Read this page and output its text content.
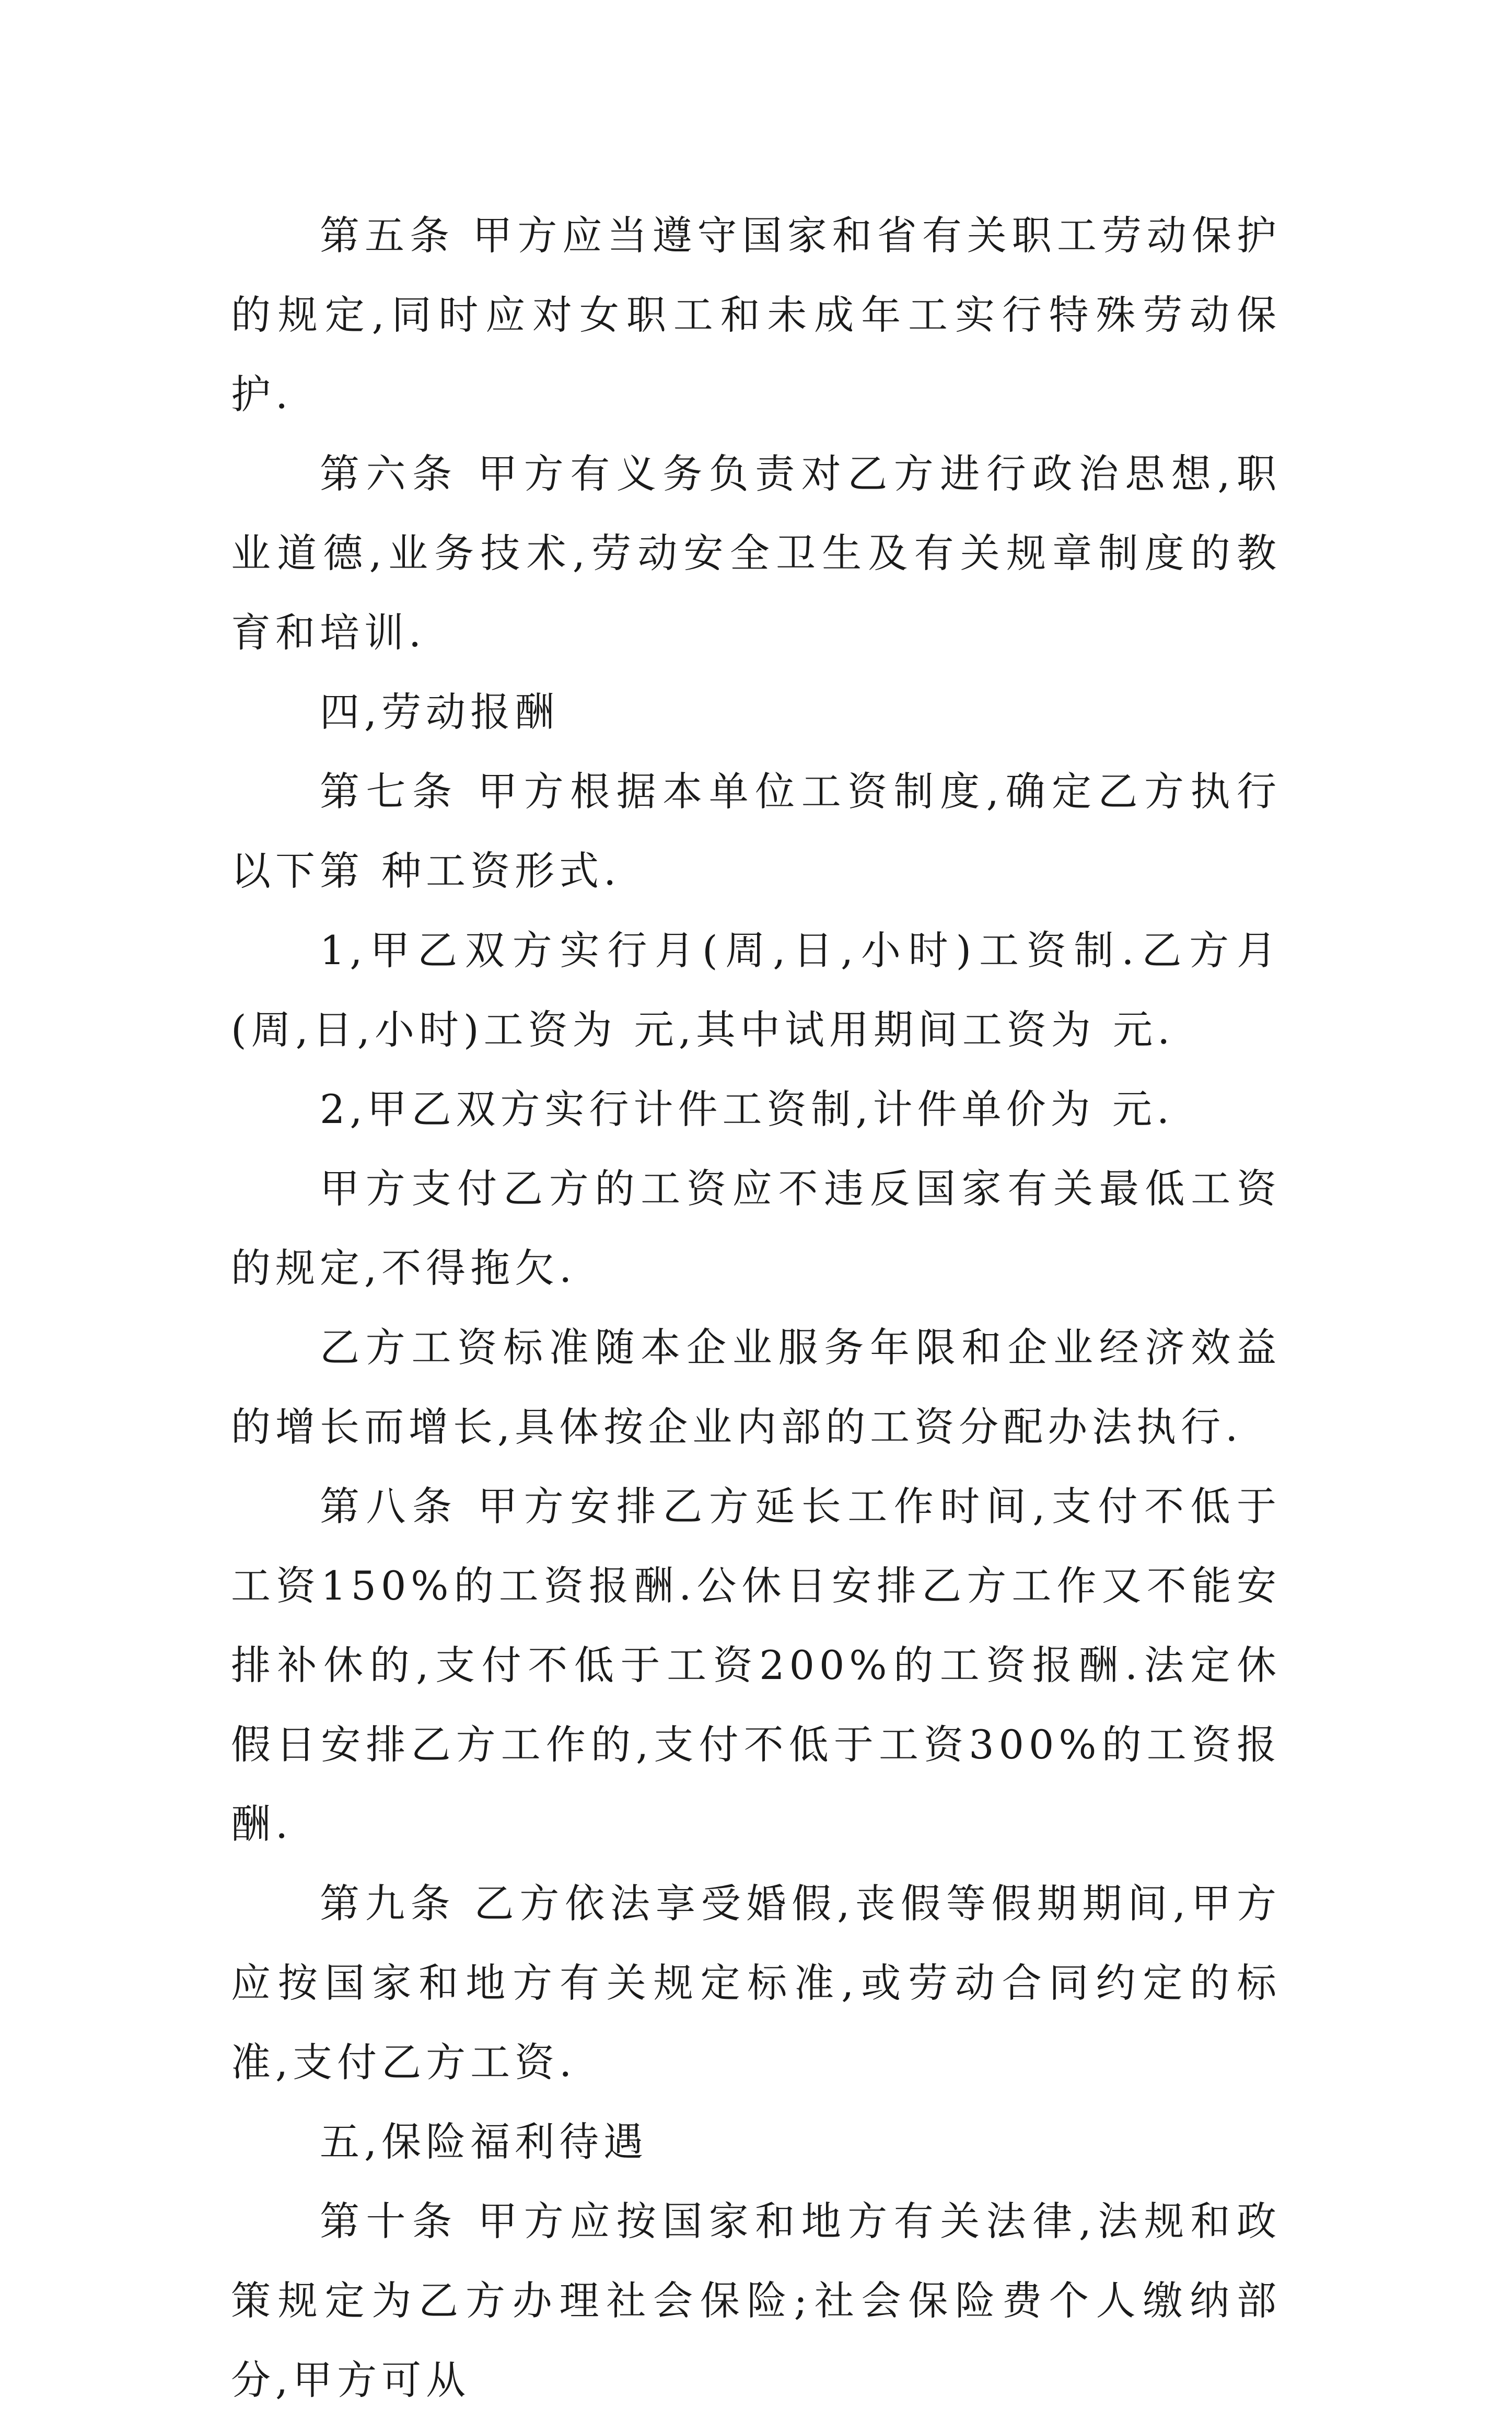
第五条 甲方应当遵守国家和省有关职工劳动保护的规定,同时应对女职工和未成年工实行特殊劳动保护.

第六条 甲方有义务负责对乙方进行政治思想,职业道德,业务技术,劳动安全卫生及有关规章制度的教育和培训.

四,劳动报酬

第七条 甲方根据本单位工资制度,确定乙方执行以下第 种工资形式.

1,甲乙双方实行月(周,日,小时)工资制.乙方月(周,日,小时)工资为 元,其中试用期间工资为 元.

2,甲乙双方实行计件工资制,计件单价为 元.

甲方支付乙方的工资应不违反国家有关最低工资的规定,不得拖欠.

乙方工资标准随本企业服务年限和企业经济效益的增长而增长,具体按企业内部的工资分配办法执行.

第八条 甲方安排乙方延长工作时间,支付不低于工资150%的工资报酬.公休日安排乙方工作又不能安排补休的,支付不低于工资200%的工资报酬.法定休假日安排乙方工作的,支付不低于工资300%的工资报酬.

第九条 乙方依法享受婚假,丧假等假期期间,甲方应按国家和地方有关规定标准,或劳动合同约定的标准,支付乙方工资.

五,保险福利待遇

第十条 甲方应按国家和地方有关法律,法规和政策规定为乙方办理社会保险;社会保险费个人缴纳部分,甲方可从
